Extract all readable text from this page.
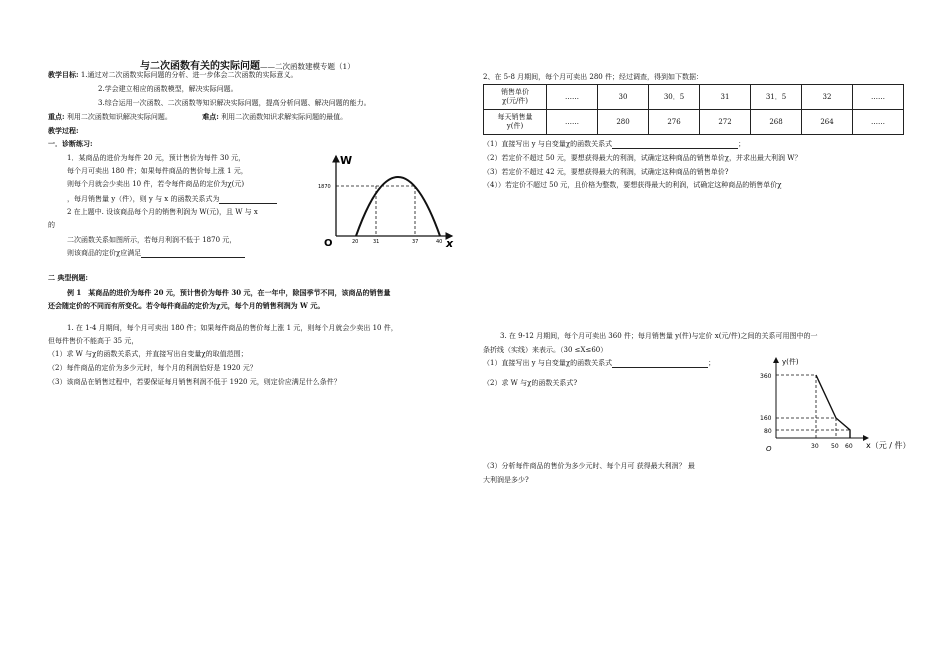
与二次函数有关的实际问题——二次函数建模专题（1）
教学目标: 1.通过对二次函数实际问题的分析、进一步体会二次函数的实际意义。
2.学会建立相应的函数模型，解决实际问题。
3.综合运用一次函数、二次函数等知识解决实际问题，提高分析问题、解决问题的能力。
重点: 利用二次函数知识解决实际问题。	难点: 利用二次函数知识求解实际问题的最值。
教学过程:
一．诊断练习:
1．某商品的进价为每件 20 元，预计售价为每件 30 元，
每个月可卖出 180 件；如果每件商品的售价每上涨 1 元，
则每个月就会少卖出 10 件，若令每件商品的定价为χ(元)
，每月销售量 y（件），则 y 与 x 的函数关系式为
2 在上题中. 设该商品每个月的销售利润为 W(元)，且 W 与 x
的
二次函数关系如图所示，若每月利润不低于 1870 元，
则该商品的定价χ应满足
W
x
O
1870
20	31	37	40
二 典型例题:
例 1　某商品的进价为每件 20 元，预计售价为每件 30 元，在一年中，除国季节不同，该商品的销售量
还会随定价的不同而有所变化。若令每件商品的定价为χ元，每个月的销售利润为 W 元。
1. 在 1-4 月期间，每个月可卖出 180 件；如果每件商品的售价每上涨 1 元，则每个月就会少卖出 10 件，
但每件售价不能高于 35 元，
（1）求 W 与χ的函数关系式，并直接写出自变量χ的取值范围；
（2）每件商品的定价为多少元时，每个月的利润恰好是 1920 元？
（3）该商品在销售过程中，若要保证每月销售利润不低于 1920 元，则定价应满足什么条件？
2、在 5-8 月期间，每个月可卖出 280 件；经过调查，得到如下数据：
销售单价
χ(元/件)	……	30	30．5	31	31．5	32	……
每天销售量
y(件)	……	280	276	272	268	264	……
（1）直接写出 y 与自变量χ的函数关系式	；
（2）若定价不超过 50 元，要想获得最大的利润，试确定这种商品的销售单价χ，并求出最大利润 W？
（3）若定价不超过 42 元，要想获得最大的利润，试确定这种商品的销售单价?
（4））若定价不超过 50 元，且价格为整数，要想获得最大的利润，试确定这种商品的销售单价χ
3. 在 9-12 月期间，每个月可卖出 360 件；每月销售量 y(件)与定价 x(元/件)之间的关系可用图中的一
条折线（实线）来表示。（30 ≤X≤60）
（1）直接写出 y 与自变量χ的函数关系式	；
（2）求 W 与χ的函数关系式?
y(件)
x（元 / 件）
O
360
160
80
30 50 60
（3）分析每件商品的售价为多少元时、每个月可 获得最大利润？ 最
大利润是多少?
